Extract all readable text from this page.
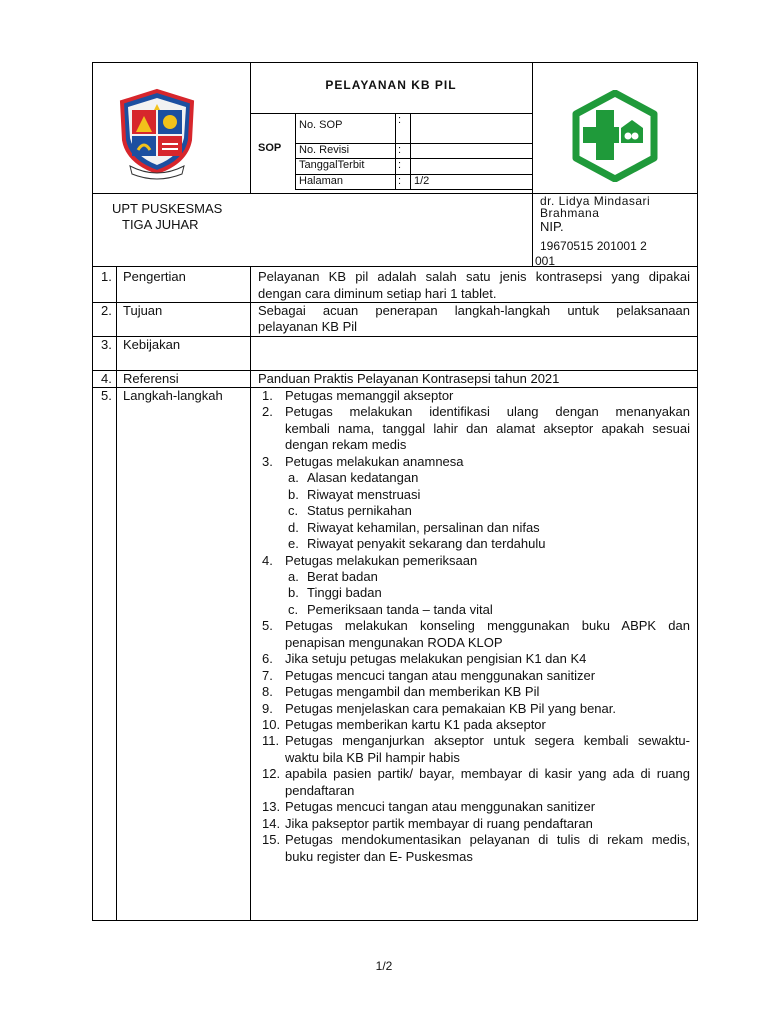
PELAYANAN KB PIL
SOP
No. SOP	:
No. Revisi	:
TanggalTerbit	:
Halaman	: 1/2
UPT PUSKESMAS
TIGA JUHAR
dr. Lidya Mindasari
Brahmana
NIP.
19670515 201001 2
001
1. Pengertian	Pelayanan KB pil adalah salah satu jenis kontrasepsi yang dipakai
dengan cara diminum setiap hari 1 tablet.
2. Tujuan	Sebagai acuan penerapan langkah-langkah untuk pelaksanaan
pelayanan KB Pil
3. Kebijakan
4. Referensi	Panduan Praktis Pelayanan Kontrasepsi tahun 2021
5. Langkah-langkah	1. Petugas memanggil akseptor
2. Petugas melakukan identifikasi ulang dengan menanyakan
kembali nama, tanggal lahir dan alamat akseptor apakah sesuai
dengan rekam medis
3. Petugas melakukan anamnesa
a. Alasan kedatangan
b. Riwayat menstruasi
c. Status pernikahan
d. Riwayat kehamilan, persalinan dan nifas
e. Riwayat penyakit sekarang dan terdahulu
4. Petugas melakukan pemeriksaan
a. Berat badan
b. Tinggi badan
c. Pemeriksaan tanda – tanda vital
5. Petugas melakukan konseling menggunakan buku ABPK dan
penapisan mengunakan RODA KLOP
6. Jika setuju petugas melakukan pengisian K1 dan K4
7. Petugas mencuci tangan atau menggunakan sanitizer
8. Petugas mengambil dan memberikan KB Pil
9. Petugas menjelaskan cara pemakaian KB Pil yang benar.
10. Petugas memberikan kartu K1 pada akseptor
11. Petugas menganjurkan akseptor untuk segera kembali sewaktu-
waktu bila KB Pil hampir habis
12. apabila pasien partik/ bayar, membayar di kasir yang ada di ruang
pendaftaran
13. Petugas mencuci tangan atau menggunakan sanitizer
14. Jika pakseptor partik membayar di ruang pendaftaran
15. Petugas mendokumentasikan pelayanan di tulis di rekam medis,
buku register dan E- Puskesmas
1/2
